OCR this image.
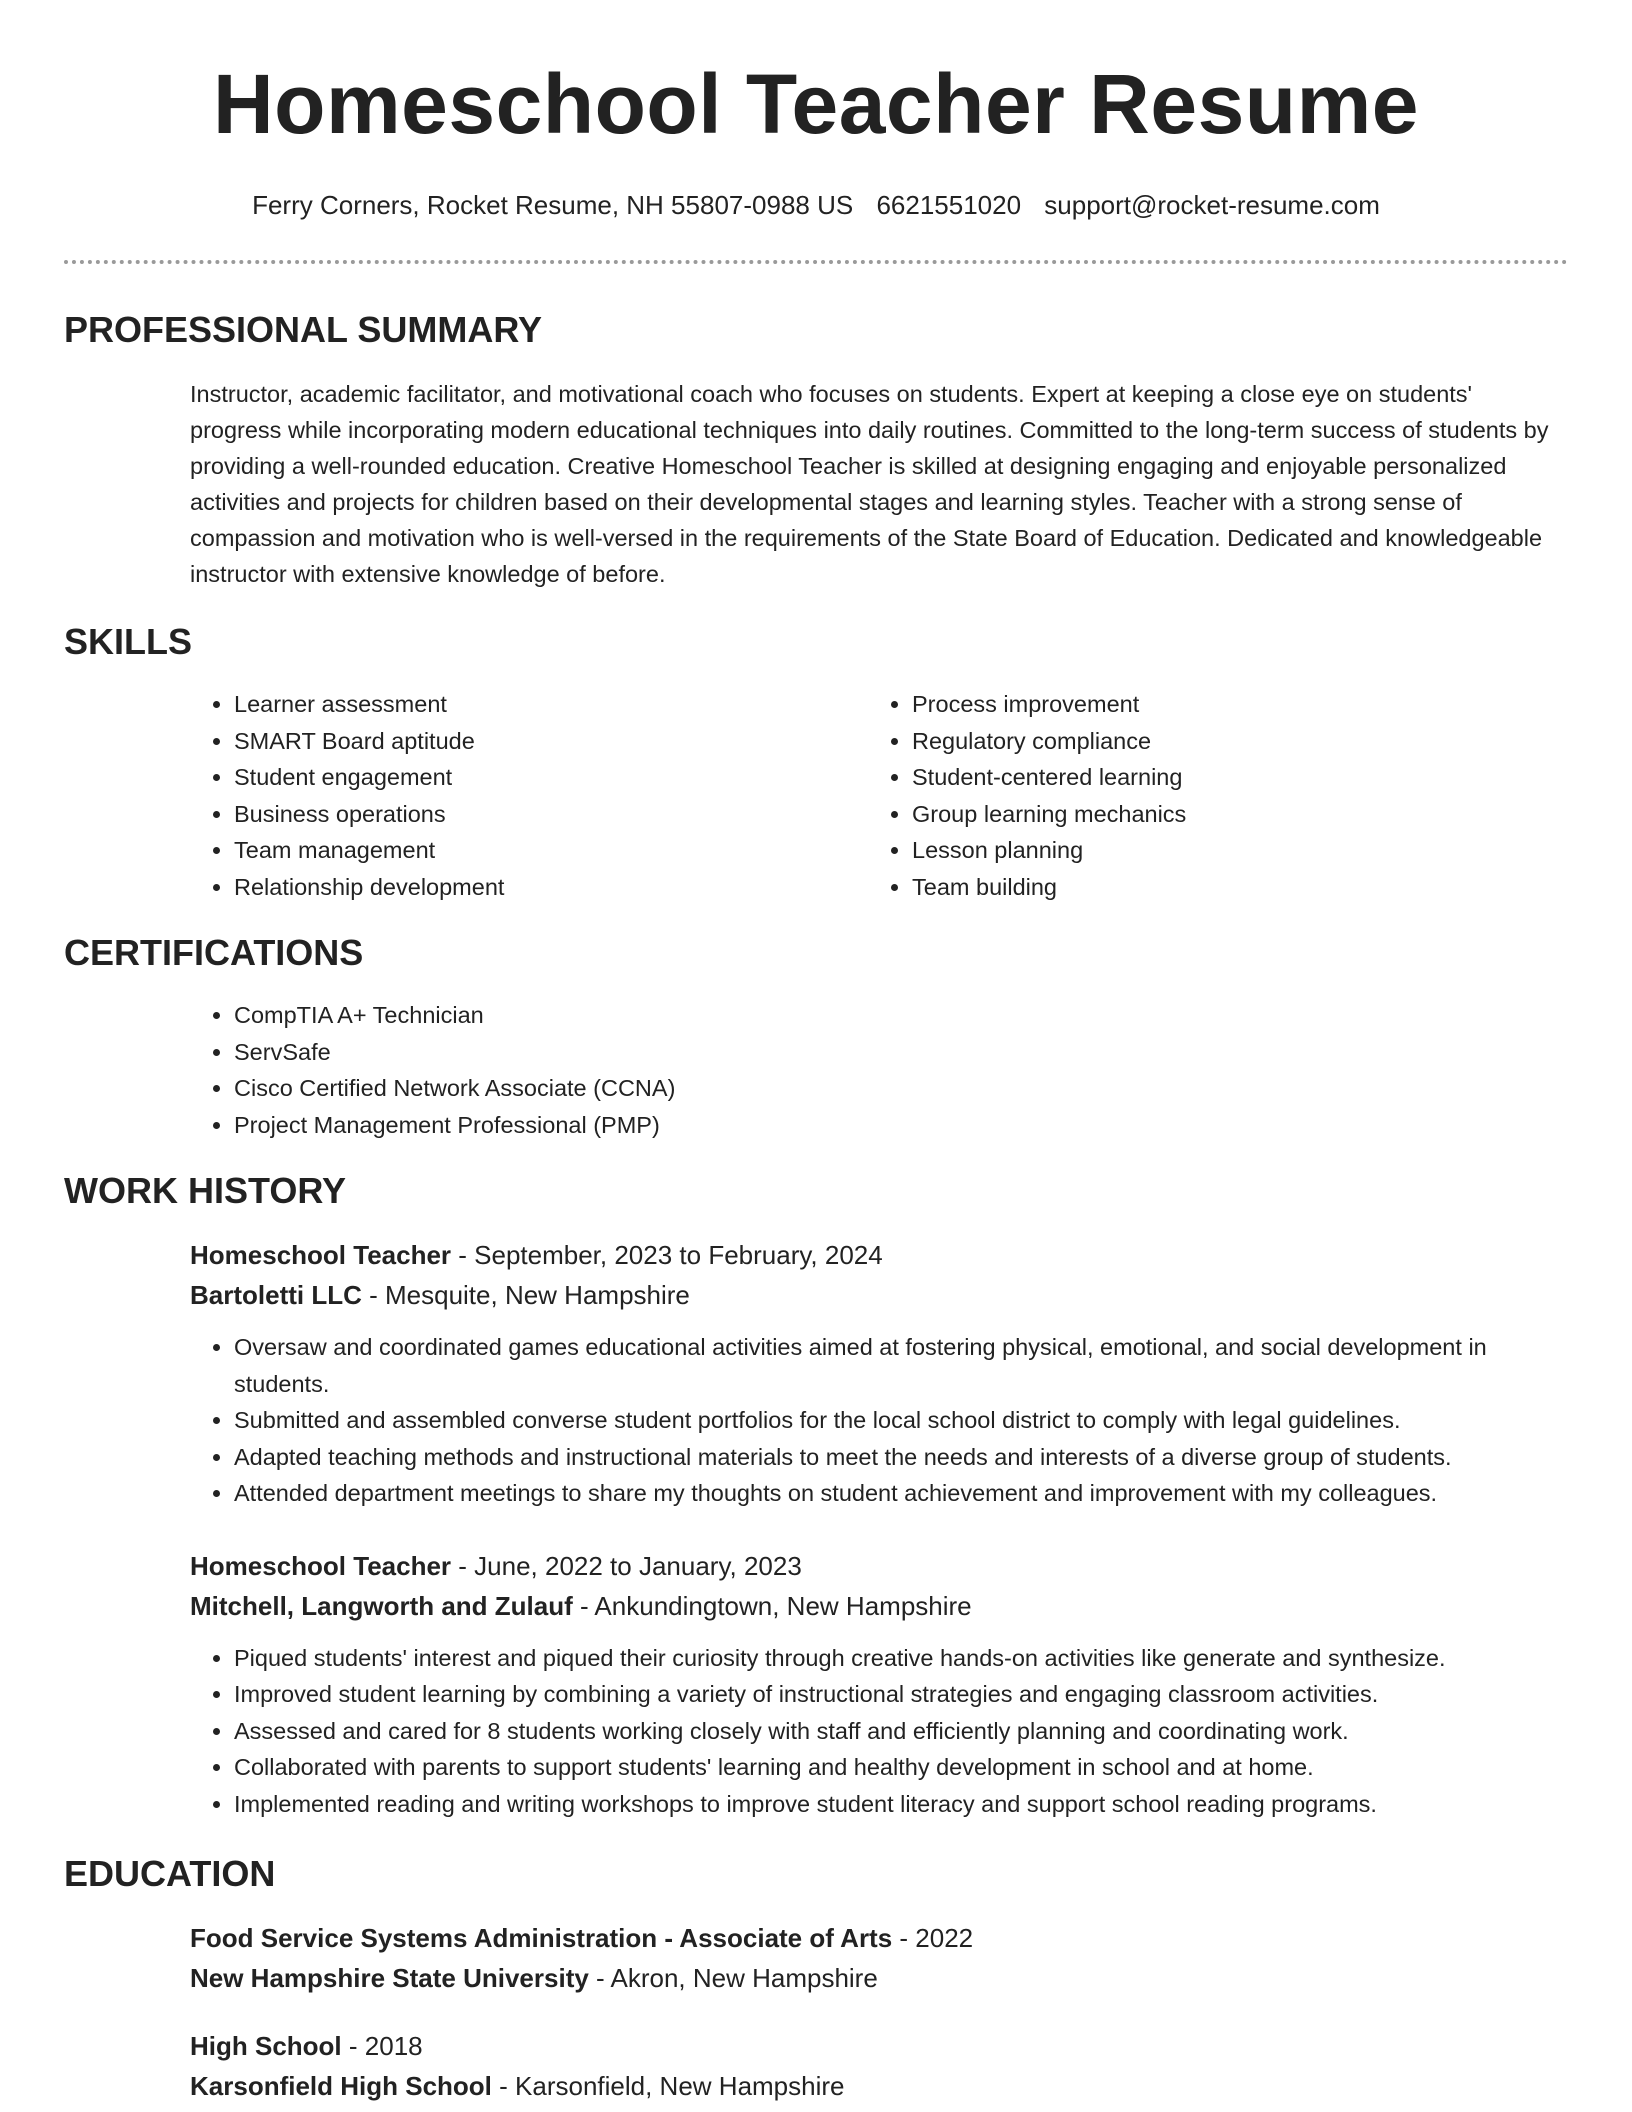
Homeschool Teacher Resume
Ferry Corners, Rocket Resume, NH 55807-0988 US 6621551020 support@rocket-resume.com
PROFESSIONAL SUMMARY

Instructor, academic facilitator, and motivational coach who focuses on students. Expert at keeping a close eye on students' progress while incorporating modern educational techniques into daily routines. Committed to the long-term success of students by providing a well-rounded education. Creative Homeschool Teacher is skilled at designing engaging and enjoyable personalized activities and projects for children based on their developmental stages and learning styles. Teacher with a strong sense of compassion and motivation who is well-versed in the requirements of the State Board of Education. Dedicated and knowledgeable instructor with extensive knowledge of before.

SKILLS
• Learner assessment
• SMART Board aptitude
• Student engagement
• Business operations
• Team management
• Relationship development
• Process improvement
• Regulatory compliance
• Student-centered learning
• Group learning mechanics
• Lesson planning
• Team building
CERTIFICATIONS
• CompTIA A+ Technician
• ServSafe
• Cisco Certified Network Associate (CCNA)
• Project Management Professional (PMP)
WORK HISTORY
Homeschool Teacher - September, 2023 to February, 2024
Bartoletti LLC - Mesquite, New Hampshire
• Oversaw and coordinated games educational activities aimed at fostering physical, emotional, and social development in students.
• Submitted and assembled converse student portfolios for the local school district to comply with legal guidelines.
• Adapted teaching methods and instructional materials to meet the needs and interests of a diverse group of students.
• Attended department meetings to share my thoughts on student achievement and improvement with my colleagues.
Homeschool Teacher - June, 2022 to January, 2023
Mitchell, Langworth and Zulauf - Ankundingtown, New Hampshire
• Piqued students' interest and piqued their curiosity through creative hands-on activities like generate and synthesize.
• Improved student learning by combining a variety of instructional strategies and engaging classroom activities.
• Assessed and cared for 8 students working closely with staff and efficiently planning and coordinating work.
• Collaborated with parents to support students' learning and healthy development in school and at home.
• Implemented reading and writing workshops to improve student literacy and support school reading programs.
EDUCATION
Food Service Systems Administration - Associate of Arts - 2022
New Hampshire State University - Akron, New Hampshire
High School - 2018
Karsonfield High School - Karsonfield, New Hampshire
